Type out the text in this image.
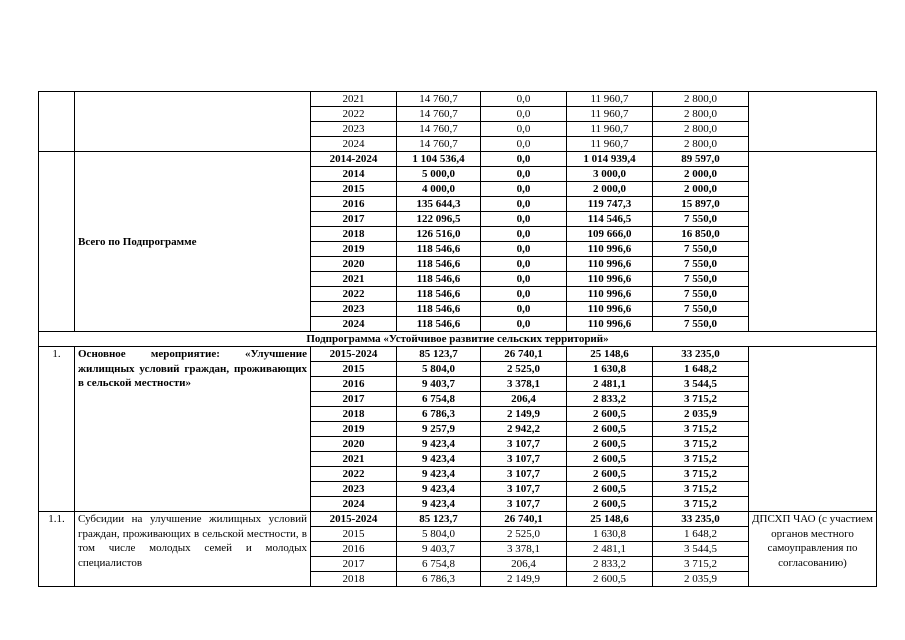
		2021	14 760,7	0,0	11 960,7	2 800,0	
		2022	14 760,7	0,0	11 960,7	2 800,0	
		2023	14 760,7	0,0	11 960,7	2 800,0	
		2024	14 760,7	0,0	11 960,7	2 800,0	
	Всего по Подпрограмме	2014-2024	1 104 536,4	0,0	1 014 939,4	89 597,0	
		2014	5 000,0	0,0	3 000,0	2 000,0	
		2015	4 000,0	0,0	2 000,0	2 000,0	
		2016	135 644,3	0,0	119 747,3	15 897,0	
		2017	122 096,5	0,0	114 546,5	7 550,0	
		2018	126 516,0	0,0	109 666,0	16 850,0	
		2019	118 546,6	0,0	110 996,6	7 550,0	
		2020	118 546,6	0,0	110 996,6	7 550,0	
		2021	118 546,6	0,0	110 996,6	7 550,0	
		2022	118 546,6	0,0	110 996,6	7 550,0	
		2023	118 546,6	0,0	110 996,6	7 550,0	
		2024	118 546,6	0,0	110 996,6	7 550,0	
Подпрограмма «Устойчивое развитие сельских территорий»							
1.	Основное мероприятие: «Улучшение жилищных условий граждан, проживающих в сельской местности»	2015-2024	85 123,7	26 740,1	25 148,6	33 235,0	
		2015	5 804,0	2 525,0	1 630,8	1 648,2	
		2016	9 403,7	3 378,1	2 481,1	3 544,5	
		2017	6 754,8	206,4	2 833,2	3 715,2	
		2018	6 786,3	2 149,9	2 600,5	2 035,9	
		2019	9 257,9	2 942,2	2 600,5	3 715,2	
		2020	9 423,4	3 107,7	2 600,5	3 715,2	
		2021	9 423,4	3 107,7	2 600,5	3 715,2	
		2022	9 423,4	3 107,7	2 600,5	3 715,2	
		2023	9 423,4	3 107,7	2 600,5	3 715,2	
		2024	9 423,4	3 107,7	2 600,5	3 715,2	
1.1.	Субсидии на улучшение жилищных условий граждан, проживающих в сельской местности, в том числе молодых семей и молодых специалистов	2015-2024	85 123,7	26 740,1	25 148,6	33 235,0	ДПСХП ЧАО (с участием органов местного самоуправления по согласованию)
		2015	5 804,0	2 525,0	1 630,8	1 648,2	
		2016	9 403,7	3 378,1	2 481,1	3 544,5	
		2017	6 754,8	206,4	2 833,2	3 715,2	
		2018	6 786,3	2 149,9	2 600,5	2 035,9	
